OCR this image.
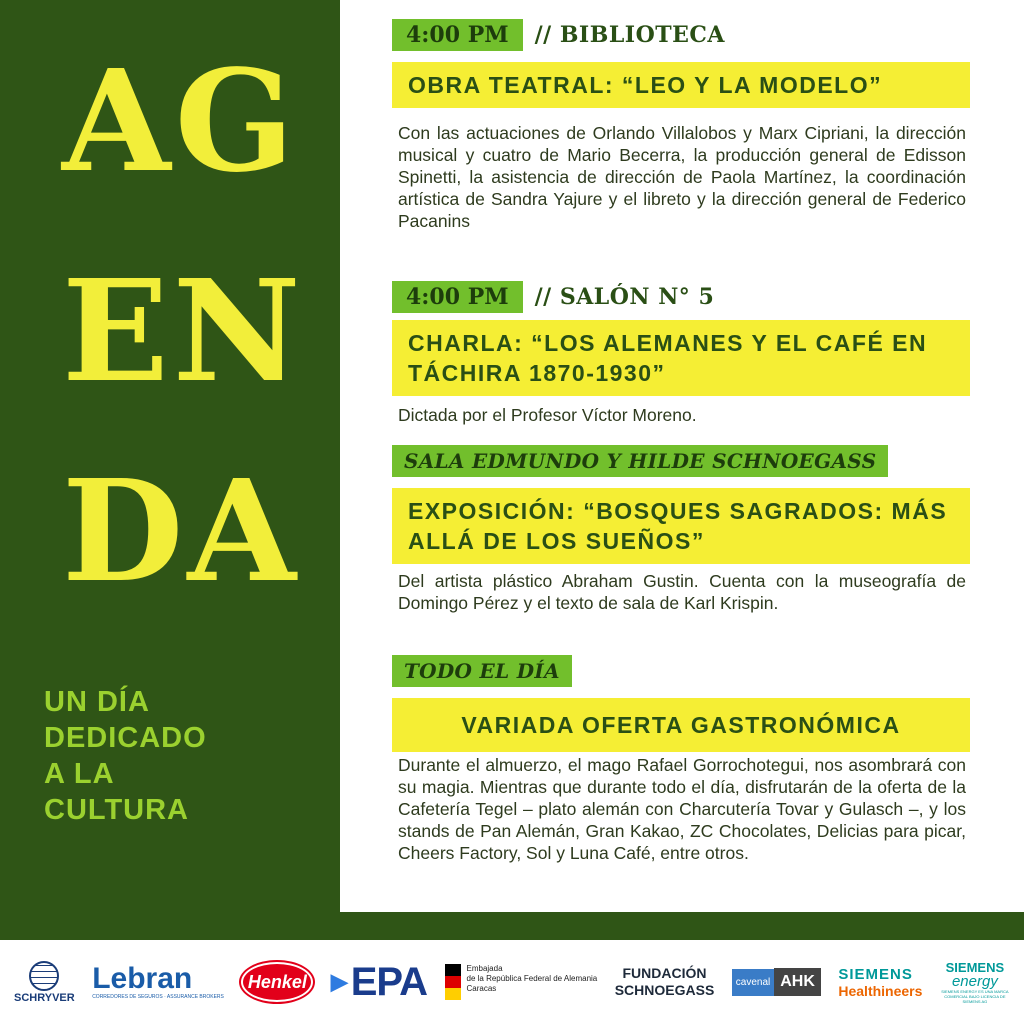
AG
EN
DA
UN DÍA
DEDICADO
A LA
CULTURA
4:00 PM	// BIBLIOTECA
OBRA TEATRAL: “LEO Y LA MODELO”
Con las actuaciones de Orlando Villalobos y Marx Cipriani, la dirección musical y cuatro de Mario Becerra, la producción general de Edisson Spinetti, la asistencia de dirección de Paola Martínez, la coordinación artística de Sandra Yajure y el libreto y la dirección general de Federico Pacanins
4:00 PM	// SALÓN N° 5
CHARLA: “LOS ALEMANES Y EL CAFÉ EN TÁCHIRA 1870-1930”
Dictada por el Profesor Víctor Moreno.
SALA EDMUNDO Y HILDE SCHNOEGASS
EXPOSICIÓN: “BOSQUES SAGRADOS: MÁS ALLÁ DE LOS SUEÑOS”
Del artista plástico Abraham Gustin. Cuenta con la museografía de Domingo Pérez y el texto de sala de Karl Krispin.
TODO EL DÍA
VARIADA OFERTA GASTRONÓMICA
Durante el almuerzo, el mago Rafael Gorrochotegui, nos asombrará con su magia. Mientras que durante todo el día, disfrutarán de la oferta de la Cafetería Tegel – plato alemán con Charcutería Tovar y Gulasch –, y los stands de Pan Alemán, Gran Kakao, ZC Chocolates, Delicias para picar, Cheers Factory, Sol y Luna Café, entre otros.
SCHRYVER
Lebran
CORREDORES DE SEGUROS · ASSURANCE BROKERS
Henkel ▶ EPA	Embajada
de la República Federal de Alemania
Caracas
FUNDACIÓN
SCHNOEGASS	cavenal AHK	SIEMENS
Healthineers
SIEMENS
energy
SIEMENS ENERGY ES UNA MARCA COMERCIAL BAJO LICENCIA DE SIEMENS AG
